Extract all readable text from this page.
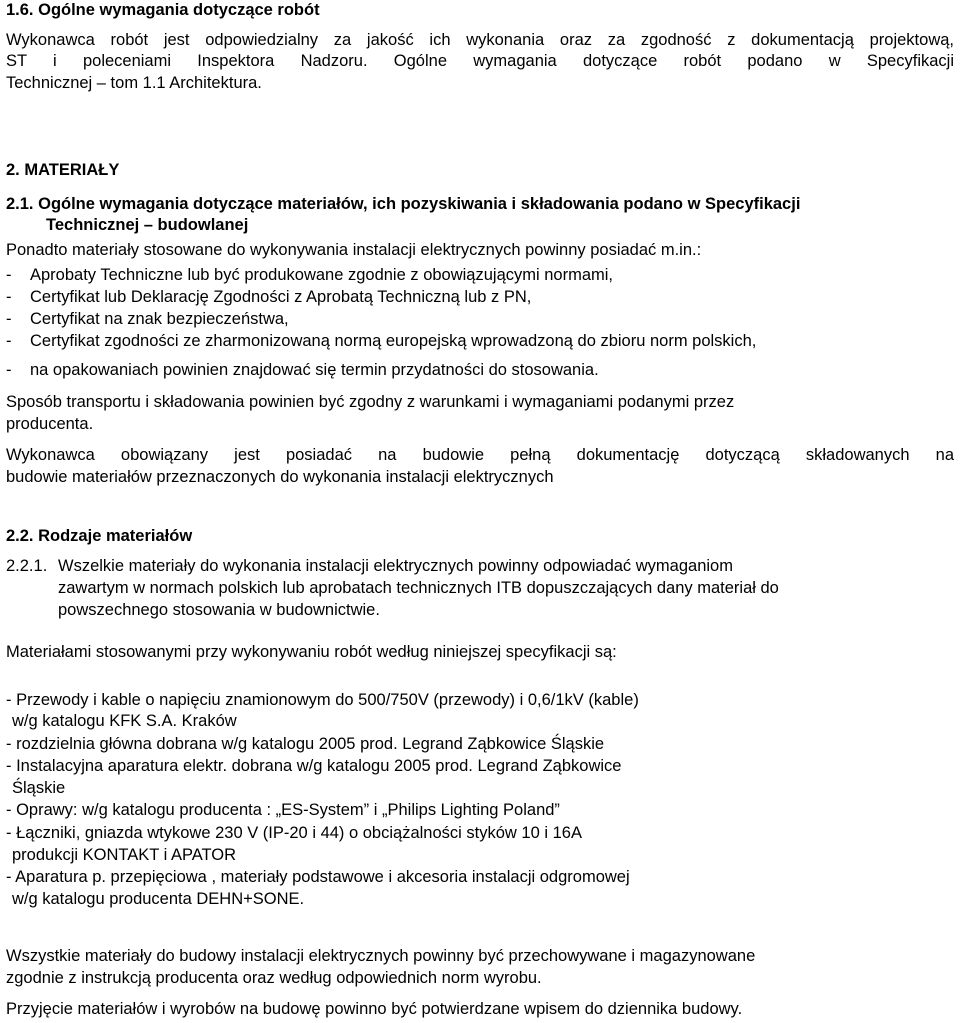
1.6. Ogólne wymagania dotyczące robót
Wykonawca robót jest odpowiedzialny za jakość ich wykonania oraz za zgodność z dokumentacją projektową,
ST i poleceniami Inspektora Nadzoru. Ogólne wymagania dotyczące robót podano w Specyfikacji
Technicznej – tom 1.1 Architektura.
2. MATERIAŁY
2.1. Ogólne wymagania dotyczące materiałów, ich pozyskiwania i składowania podano w Specyfikacji
Technicznej – budowlanej
Ponadto materiały stosowane do wykonywania instalacji elektrycznych powinny posiadać m.in.:
- Aprobaty Techniczne lub być produkowane zgodnie z obowiązującymi normami,
- Certyfikat lub Deklarację Zgodności z Aprobatą Techniczną lub z PN,
- Certyfikat na znak bezpieczeństwa,
- Certyfikat zgodności ze zharmonizowaną normą europejską wprowadzoną do zbioru norm polskich,
- na opakowaniach powinien znajdować się termin przydatności do stosowania.
Sposób transportu i składowania powinien być zgodny z warunkami i wymaganiami podanymi przez
producenta.
Wykonawca obowiązany jest posiadać na budowie pełną dokumentację dotyczącą składowanych na
budowie materiałów przeznaczonych do wykonania instalacji elektrycznych
2.2. Rodzaje materiałów
2.2.1. Wszelkie materiały do wykonania instalacji elektrycznych powinny odpowiadać wymaganiom
zawartym w normach polskich lub aprobatach technicznych ITB dopuszczających dany materiał do
powszechnego stosowania w budownictwie.
Materiałami stosowanymi przy wykonywaniu robót według niniejszej specyfikacji są:
- Przewody i kable o napięciu znamionowym do 500/750V (przewody) i 0,6/1kV (kable)
w/g katalogu KFK S.A. Kraków
- rozdzielnia główna dobrana w/g katalogu 2005 prod. Legrand Ząbkowice Śląskie
- Instalacyjna aparatura elektr. dobrana w/g katalogu 2005 prod. Legrand Ząbkowice
Śląskie
- Oprawy: w/g katalogu producenta : „ES-System” i „Philips Lighting Poland”
- Łączniki, gniazda wtykowe 230 V (IP-20 i 44) o obciążalności styków 10 i 16A
produkcji KONTAKT i APATOR
- Aparatura p. przepięciowa , materiały podstawowe i akcesoria instalacji odgromowej
w/g katalogu producenta DEHN+SONE.
Wszystkie materiały do budowy instalacji elektrycznych powinny być przechowywane i magazynowane
zgodnie z instrukcją producenta oraz według odpowiednich norm wyrobu.
Przyjęcie materiałów i wyrobów na budowę powinno być potwierdzane wpisem do dziennika budowy.
